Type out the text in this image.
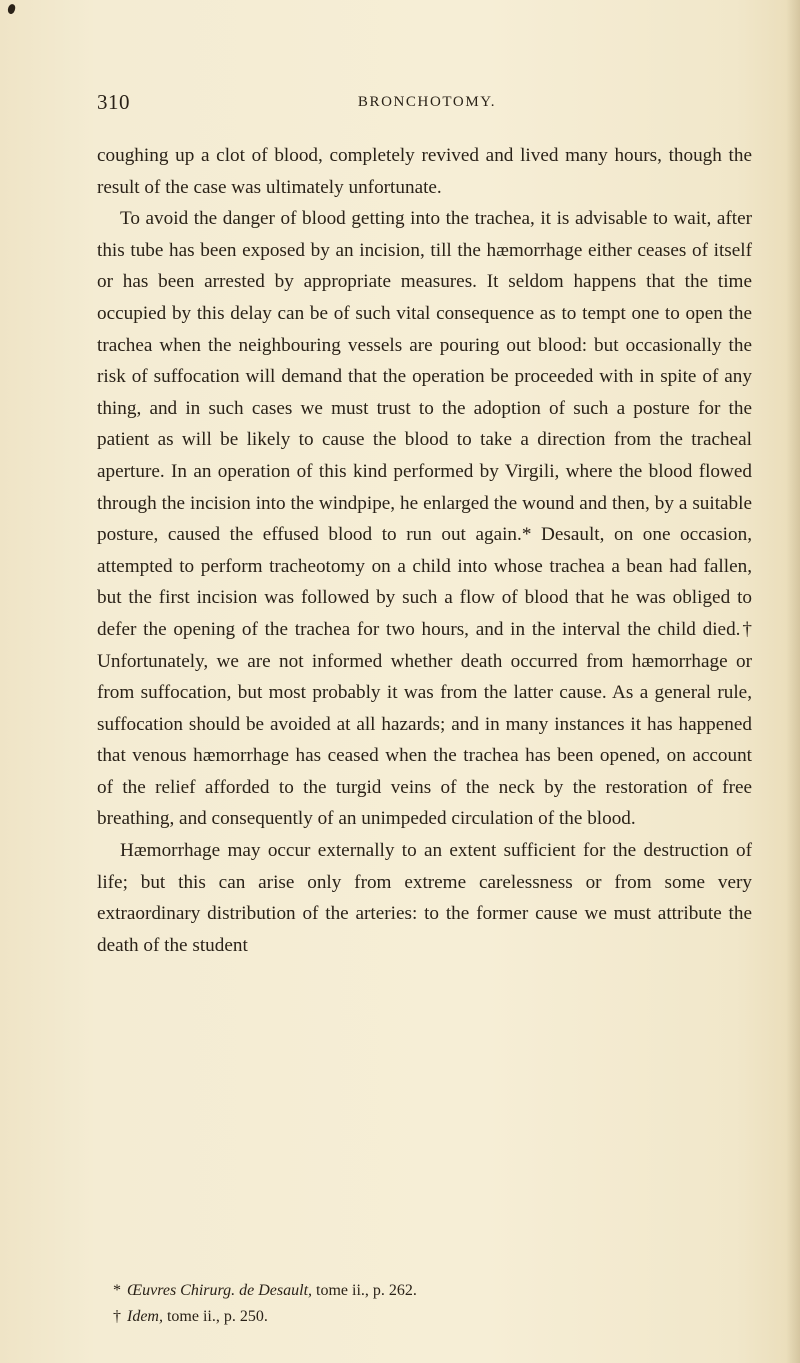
310	BRONCHOTOMY.

coughing up a clot of blood, completely revived and lived many hours, though the result of the case was ultimately unfortunate.

To avoid the danger of blood getting into the trachea, it is advisable to wait, after this tube has been exposed by an incision, till the hæmorrhage either ceases of itself or has been arrested by appropriate measures. It seldom happens that the time occupied by this delay can be of such vital consequence as to tempt one to open the trachea when the neighbouring vessels are pouring out blood: but occasionally the risk of suffocation will demand that the operation be proceeded with in spite of any thing, and in such cases we must trust to the adoption of such a posture for the patient as will be likely to cause the blood to take a direction from the tracheal aperture. In an operation of this kind performed by Virgili, where the blood flowed through the incision into the windpipe, he enlarged the wound and then, by a suitable posture, caused the effused blood to run out again.* Desault, on one occasion, attempted to perform tracheotomy on a child into whose trachea a bean had fallen, but the first incision was followed by such a flow of blood that he was obliged to defer the opening of the trachea for two hours, and in the interval the child died.† Unfortunately, we are not informed whether death occurred from hæmorrhage or from suffocation, but most probably it was from the latter cause. As a general rule, suffocation should be avoided at all hazards; and in many instances it has happened that venous hæmorrhage has ceased when the trachea has been opened, on account of the relief afforded to the turgid veins of the neck by the restoration of free breathing, and consequently of an unimpeded circulation of the blood.

Hæmorrhage may occur externally to an extent sufficient for the destruction of life; but this can arise only from extreme carelessness or from some very extraordinary distribution of the arteries: to the former cause we must attribute the death of the student

* Œuvres Chirurg. de Desault, tome ii., p. 262.

† Idem, tome ii., p. 250.
